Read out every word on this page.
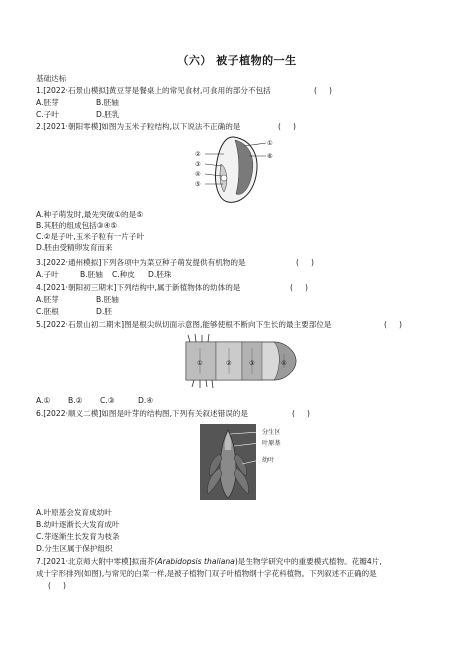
（六） 被子植物的一生
基础达标
1.[2022·石景山模拟]黄豆芽是餐桌上的常见食材,可食用的部分不包括	(     )
A.胚芽	B.胚轴
C.子叶	D.胚乳
2.[2021·朝阳零模]如图为玉米子粒结构,以下说法不正确的是	(     )
②
③
④
⑤
①
⑥
A.种子萌发时,最先突破①的是⑤
B.其胚的组成包括③④⑤
C.②是子叶,玉米子粒有一片子叶
D.胚由受精卵发育而来
3.[2022·通州模拟]下列各项中为菜豆种子萌发提供有机物的是	(     )
A.子叶	B.胚轴 C.种皮 D.胚珠
4.[2021·朝阳初三期末]下列结构中,属于新植物体的幼体的是	(     )
A.胚芽	B.胚轴
C.胚根	D.胚
5.[2022·石景山初二期末]图是根尖纵切面示意图,能够使根不断向下生长的最主要部位是	(     )
①	②	③	④
A.① B.② C.③	D.④
6.[2022·顺义二模]如图是叶芽的结构图,下列有关叙述错误的是	(     )
分生区
叶原基
幼叶
A.叶原基会发育成幼叶
B.幼叶逐渐长大发育成叶
C.芽逐渐生长发育为枝条
D.分生区属于保护组织
7.[2021·北京师大附中零模]拟南芥(Arabidopsis thaliana)是生物学研究中的重要模式植物。花瓣4片,
成十字形排列(如图),与常见的白菜一样,是被子植物门双子叶植物纲十字花科植物。下列叙述不正确的是
(     )
